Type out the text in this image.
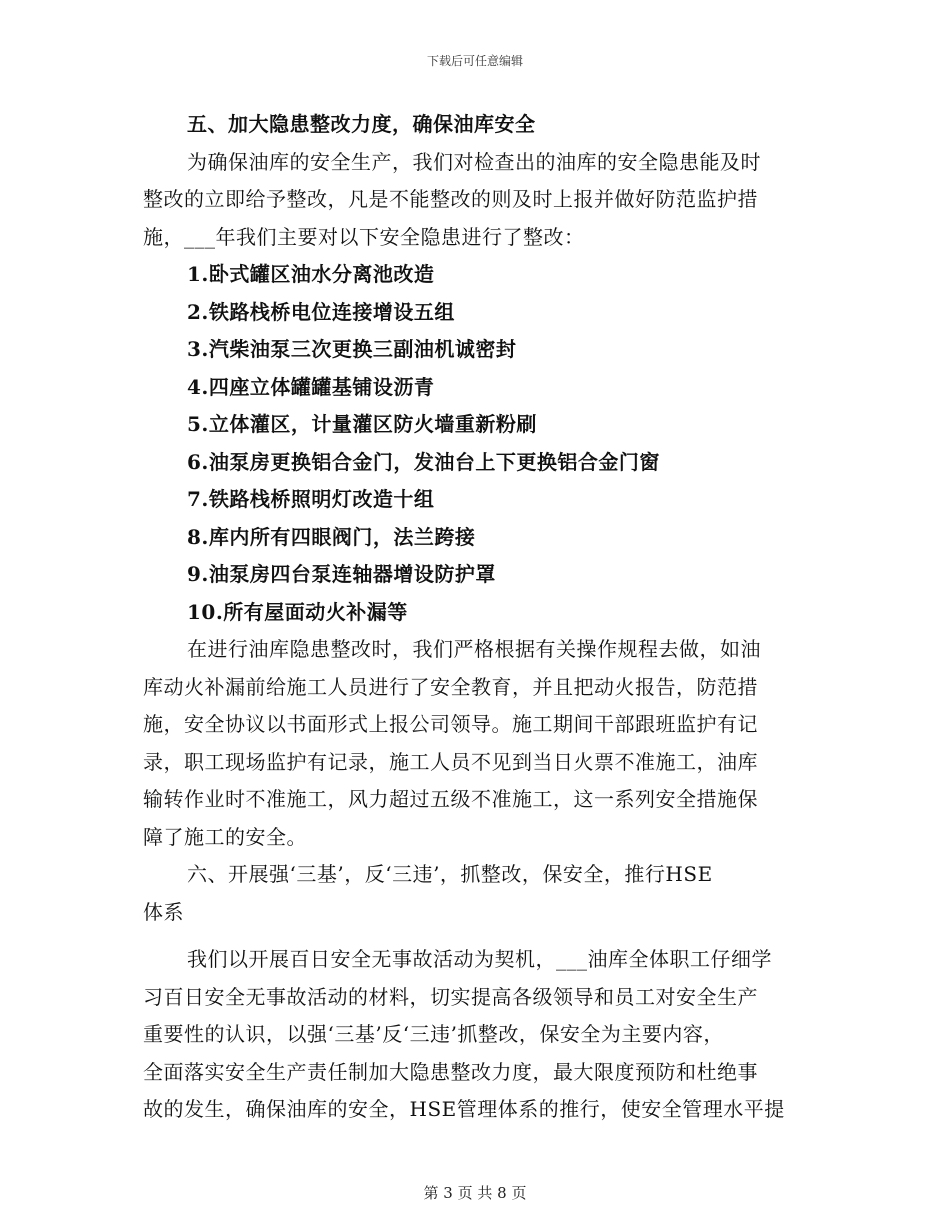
下载后可任意编辑
五、加大隐患整改力度，确保油库安全
为确保油库的安全生产，我们对检查出的油库的安全隐患能及时
整改的立即给予整改，凡是不能整改的则及时上报并做好防范监护措
施，___年我们主要对以下安全隐患进行了整改：
1.卧式罐区油水分离池改造
2.铁路栈桥电位连接增设五组
3.汽柴油泵三次更换三副油机诚密封
4.四座立体罐罐基铺设沥青
5.立体灌区，计量灌区防火墙重新粉刷
6.油泵房更换铝合金门，发油台上下更换铝合金门窗
7.铁路栈桥照明灯改造十组
8.库内所有四眼阀门，法兰跨接
9.油泵房四台泵连轴器增设防护罩
10.所有屋面动火补漏等
在进行油库隐患整改时，我们严格根据有关操作规程去做，如油
库动火补漏前给施工人员进行了安全教育，并且把动火报告，防范措
施，安全协议以书面形式上报公司领导。施工期间干部跟班监护有记
录，职工现场监护有记录，施工人员不见到当日火票不准施工，油库
输转作业时不准施工，风力超过五级不准施工，这一系列安全措施保
障了施工的安全。
六、开展强‘三基’，反‘三违’，抓整改，保安全，推行HSE
体系
我们以开展百日安全无事故活动为契机，___油库全体职工仔细学
习百日安全无事故活动的材料，切实提高各级领导和员工对安全生产
重要性的认识，以强‘三基’反‘三违’抓整改，保安全为主要内容，
全面落实安全生产责任制加大隐患整改力度，最大限度预防和杜绝事
故的发生，确保油库的安全，HSE管理体系的推行，使安全管理水平提
第 3 页 共 8 页
